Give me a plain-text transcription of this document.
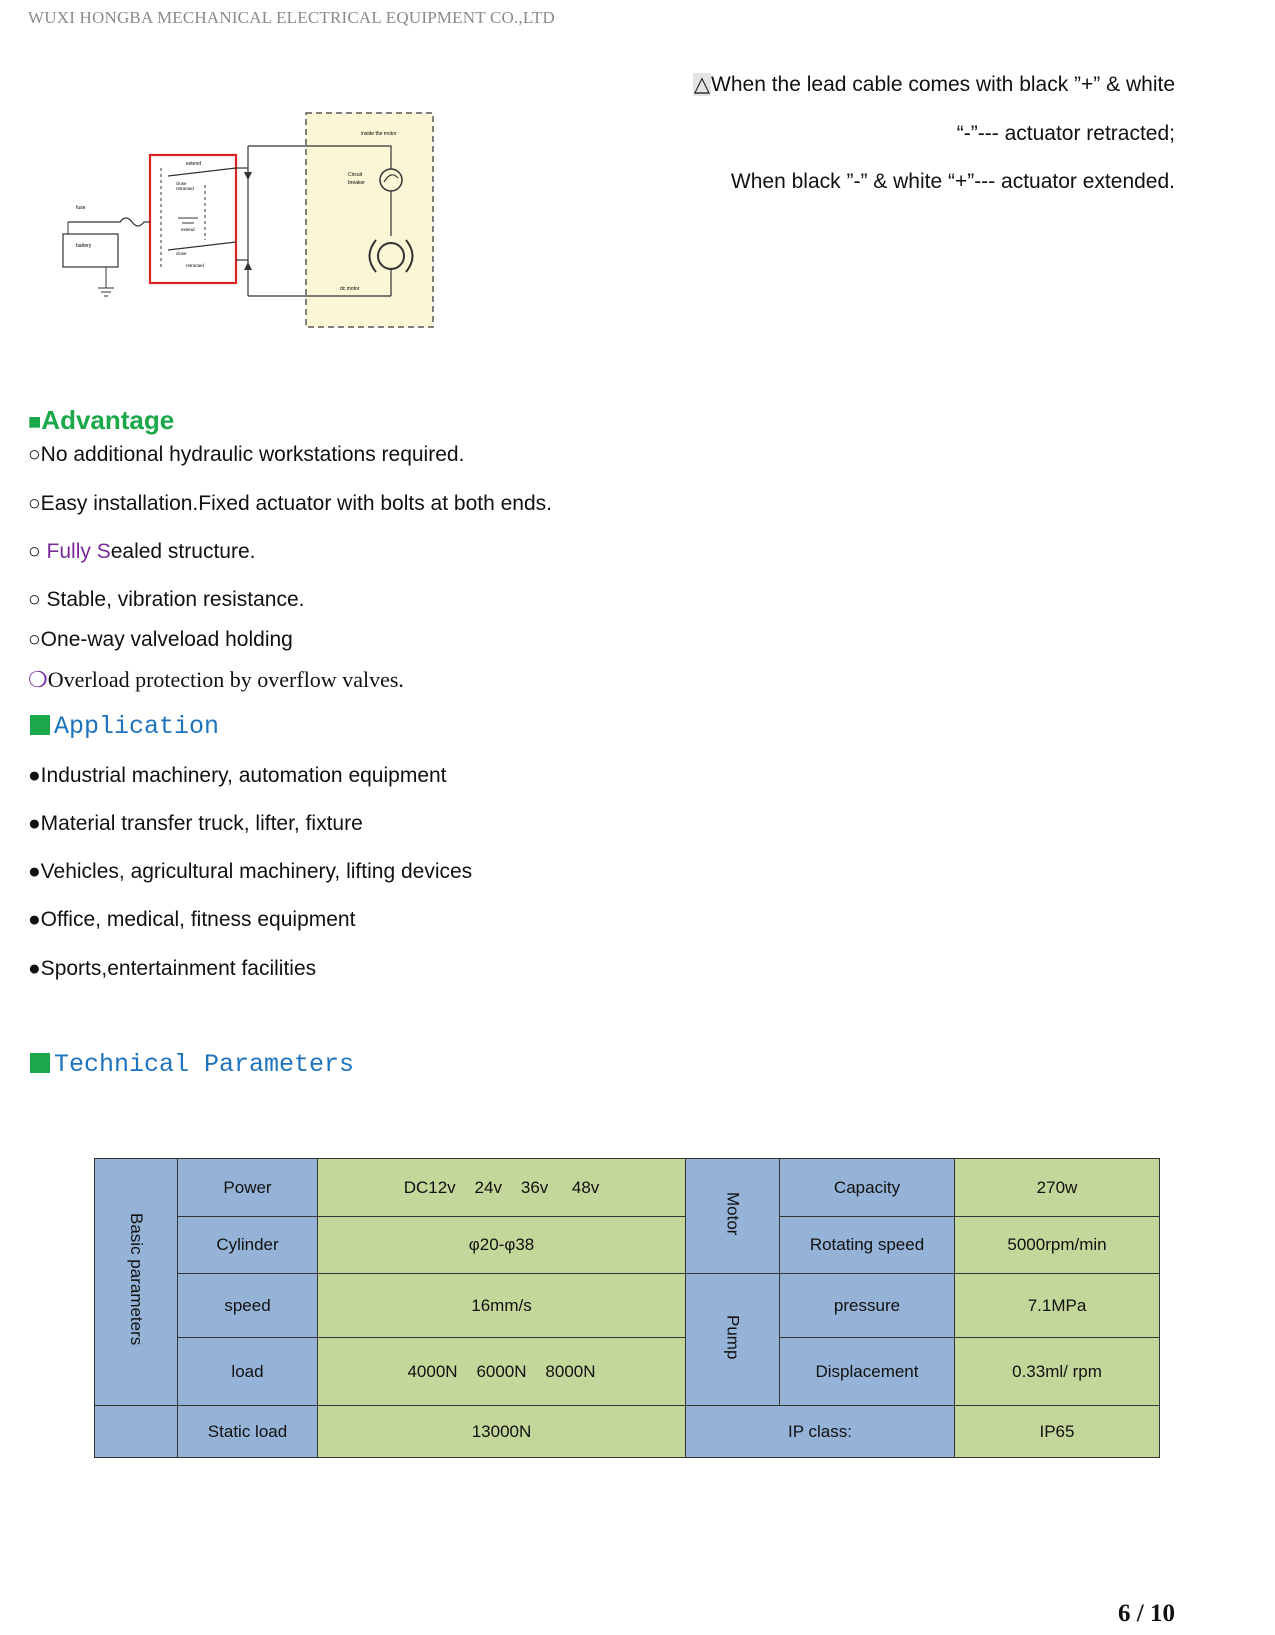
WUXI HONGBA MECHANICAL ELECTRICAL EQUIPMENT CO.,LTD
inside the motor
Circuit
breaker
dc motor
extend
close
retracted
extend
close
retracted
fuse
battery
△When the lead cable comes with black ”+” & white
“-”--- actuator retracted;
When black ”-” & white “+”--- actuator extended.
■Advantage
○No additional hydraulic workstations required.
○Easy installation.Fixed actuator with bolts at both ends.
○ Fully Sealed structure.
○ Stable, vibration resistance.
○One-way valveload holding
❍Overload protection by overflow valves.
Application
●Industrial machinery, automation equipment
●Material transfer truck, lifter, fixture
●Vehicles, agricultural machinery, lifting devices
●Office, medical, fitness equipment
●Sports,entertainment facilities
Technical Parameters
Basic parameters	Power	DC12v    24v    36v     48v	Motor	Capacity	270w
	Cylinder	φ20-φ38		Rotating speed	5000rpm/min
	speed	16mm/s	Pump	pressure	7.1MPa
	load	4000N    6000N    8000N		Displacement	0.33ml/ rpm
	Static load	13000N	IP class:		IP65
6 / 10
